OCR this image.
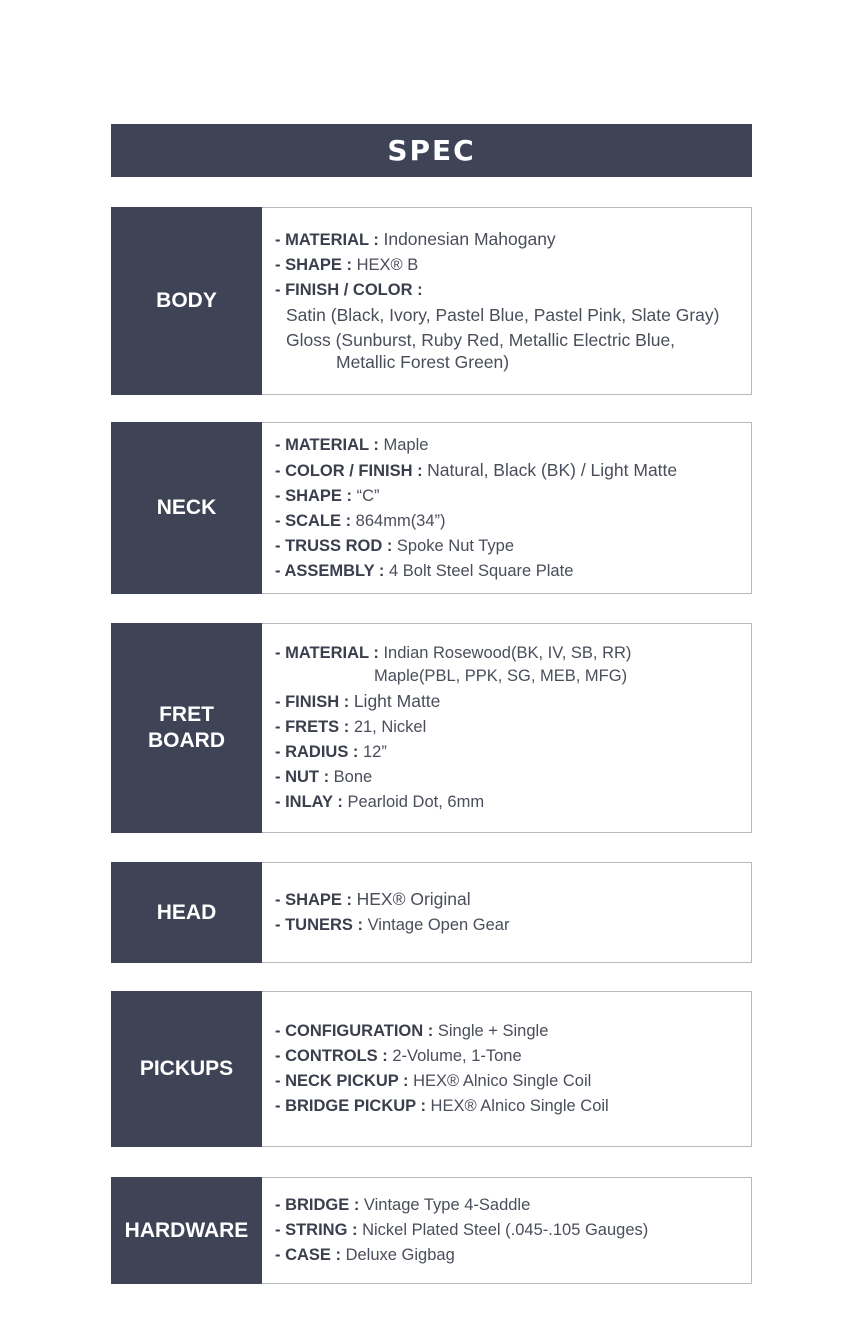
SPEC
BODY
- MATERIAL : Indonesian Mahogany
- SHAPE : HEX® B
- FINISH / COLOR :
Satin (Black, Ivory, Pastel Blue, Pastel Pink, Slate Gray)
Gloss (Sunburst, Ruby Red, Metallic Electric Blue,
Metallic Forest Green)
NECK
- MATERIAL : Maple
- COLOR / FINISH : Natural, Black (BK) / Light Matte
- SHAPE : “C”
- SCALE : 864mm(34”)
- TRUSS ROD : Spoke Nut Type
- ASSEMBLY : 4 Bolt Steel Square Plate
FRET
BOARD
- MATERIAL : Indian Rosewood(BK, IV, SB, RR)
Maple(PBL, PPK, SG, MEB, MFG)
- FINISH : Light Matte
- FRETS : 21, Nickel
- RADIUS : 12”
- NUT : Bone
- INLAY : Pearloid Dot, 6mm
HEAD
- SHAPE : HEX® Original
- TUNERS : Vintage Open Gear
PICKUPS
- CONFIGURATION : Single + Single
- CONTROLS : 2-Volume, 1-Tone
- NECK PICKUP : HEX® Alnico Single Coil
- BRIDGE PICKUP : HEX® Alnico Single Coil
HARDWARE
- BRIDGE : Vintage Type 4-Saddle
- STRING : Nickel Plated Steel (.045-.105 Gauges)
- CASE : Deluxe Gigbag
